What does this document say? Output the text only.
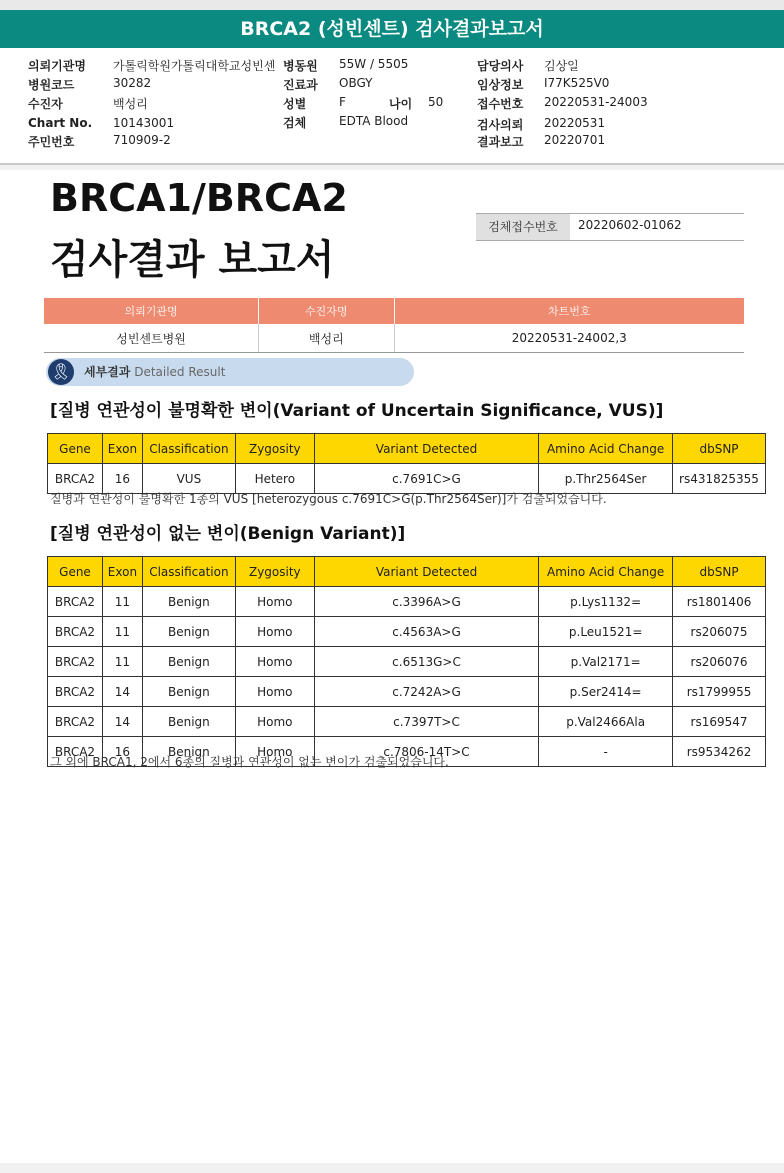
BRCA2 (성빈센트) 검사결과보고서
의뢰기관명 가톨릭학원가톨릭대학교성빈센 병동원 55W / 5505	담당의사 김상일
병원코드	30282	진료과 OBGY	임상정보 I77K525V0
수진자	백성리	성별	F	나이 50	접수번호 20220531-24003
Chart No. 10143001	검체	EDTA Blood	검사의뢰 20220531
주민번호	710909-2	결과보고 20220701
BRCA1/BRCA2
검사결과 보고서
검체접수번호	20220602-01062
의뢰기관명	수진자명	차트번호
성빈센트병원	백성리	20220531-24002,3
🎗 세부결과 Detailed Result
[질병 연관성이 불명확한 변이(Variant of Uncertain Significance, VUS)]
Gene	Exon	Classification	Zygosity	Variant Detected	Amino Acid Change	dbSNP
BRCA2	16	VUS	Hetero	c.7691C>G	p.Thr2564Ser	rs431825355
질병과 연관성이 불명확한 1종의 VUS [heterozygous c.7691C>G(p.Thr2564Ser)]가 검출되었습니다.
[질병 연관성이 없는 변이(Benign Variant)]
Gene	Exon	Classification	Zygosity	Variant Detected	Amino Acid Change	dbSNP
BRCA2	11	Benign	Homo	c.3396A>G	p.Lys1132=	rs1801406
BRCA2	11	Benign	Homo	c.4563A>G	p.Leu1521=	rs206075
BRCA2	11	Benign	Homo	c.6513G>C	p.Val2171=	rs206076
BRCA2	14	Benign	Homo	c.7242A>G	p.Ser2414=	rs1799955
BRCA2	14	Benign	Homo	c.7397T>C	p.Val2466Ala	rs169547
BRCA2	16	Benign	Homo	c.7806-14T>C	-	rs9534262
그 외에 BRCA1, 2에서 6종의 질병과 연관성이 없는 변이가 검출되었습니다.
